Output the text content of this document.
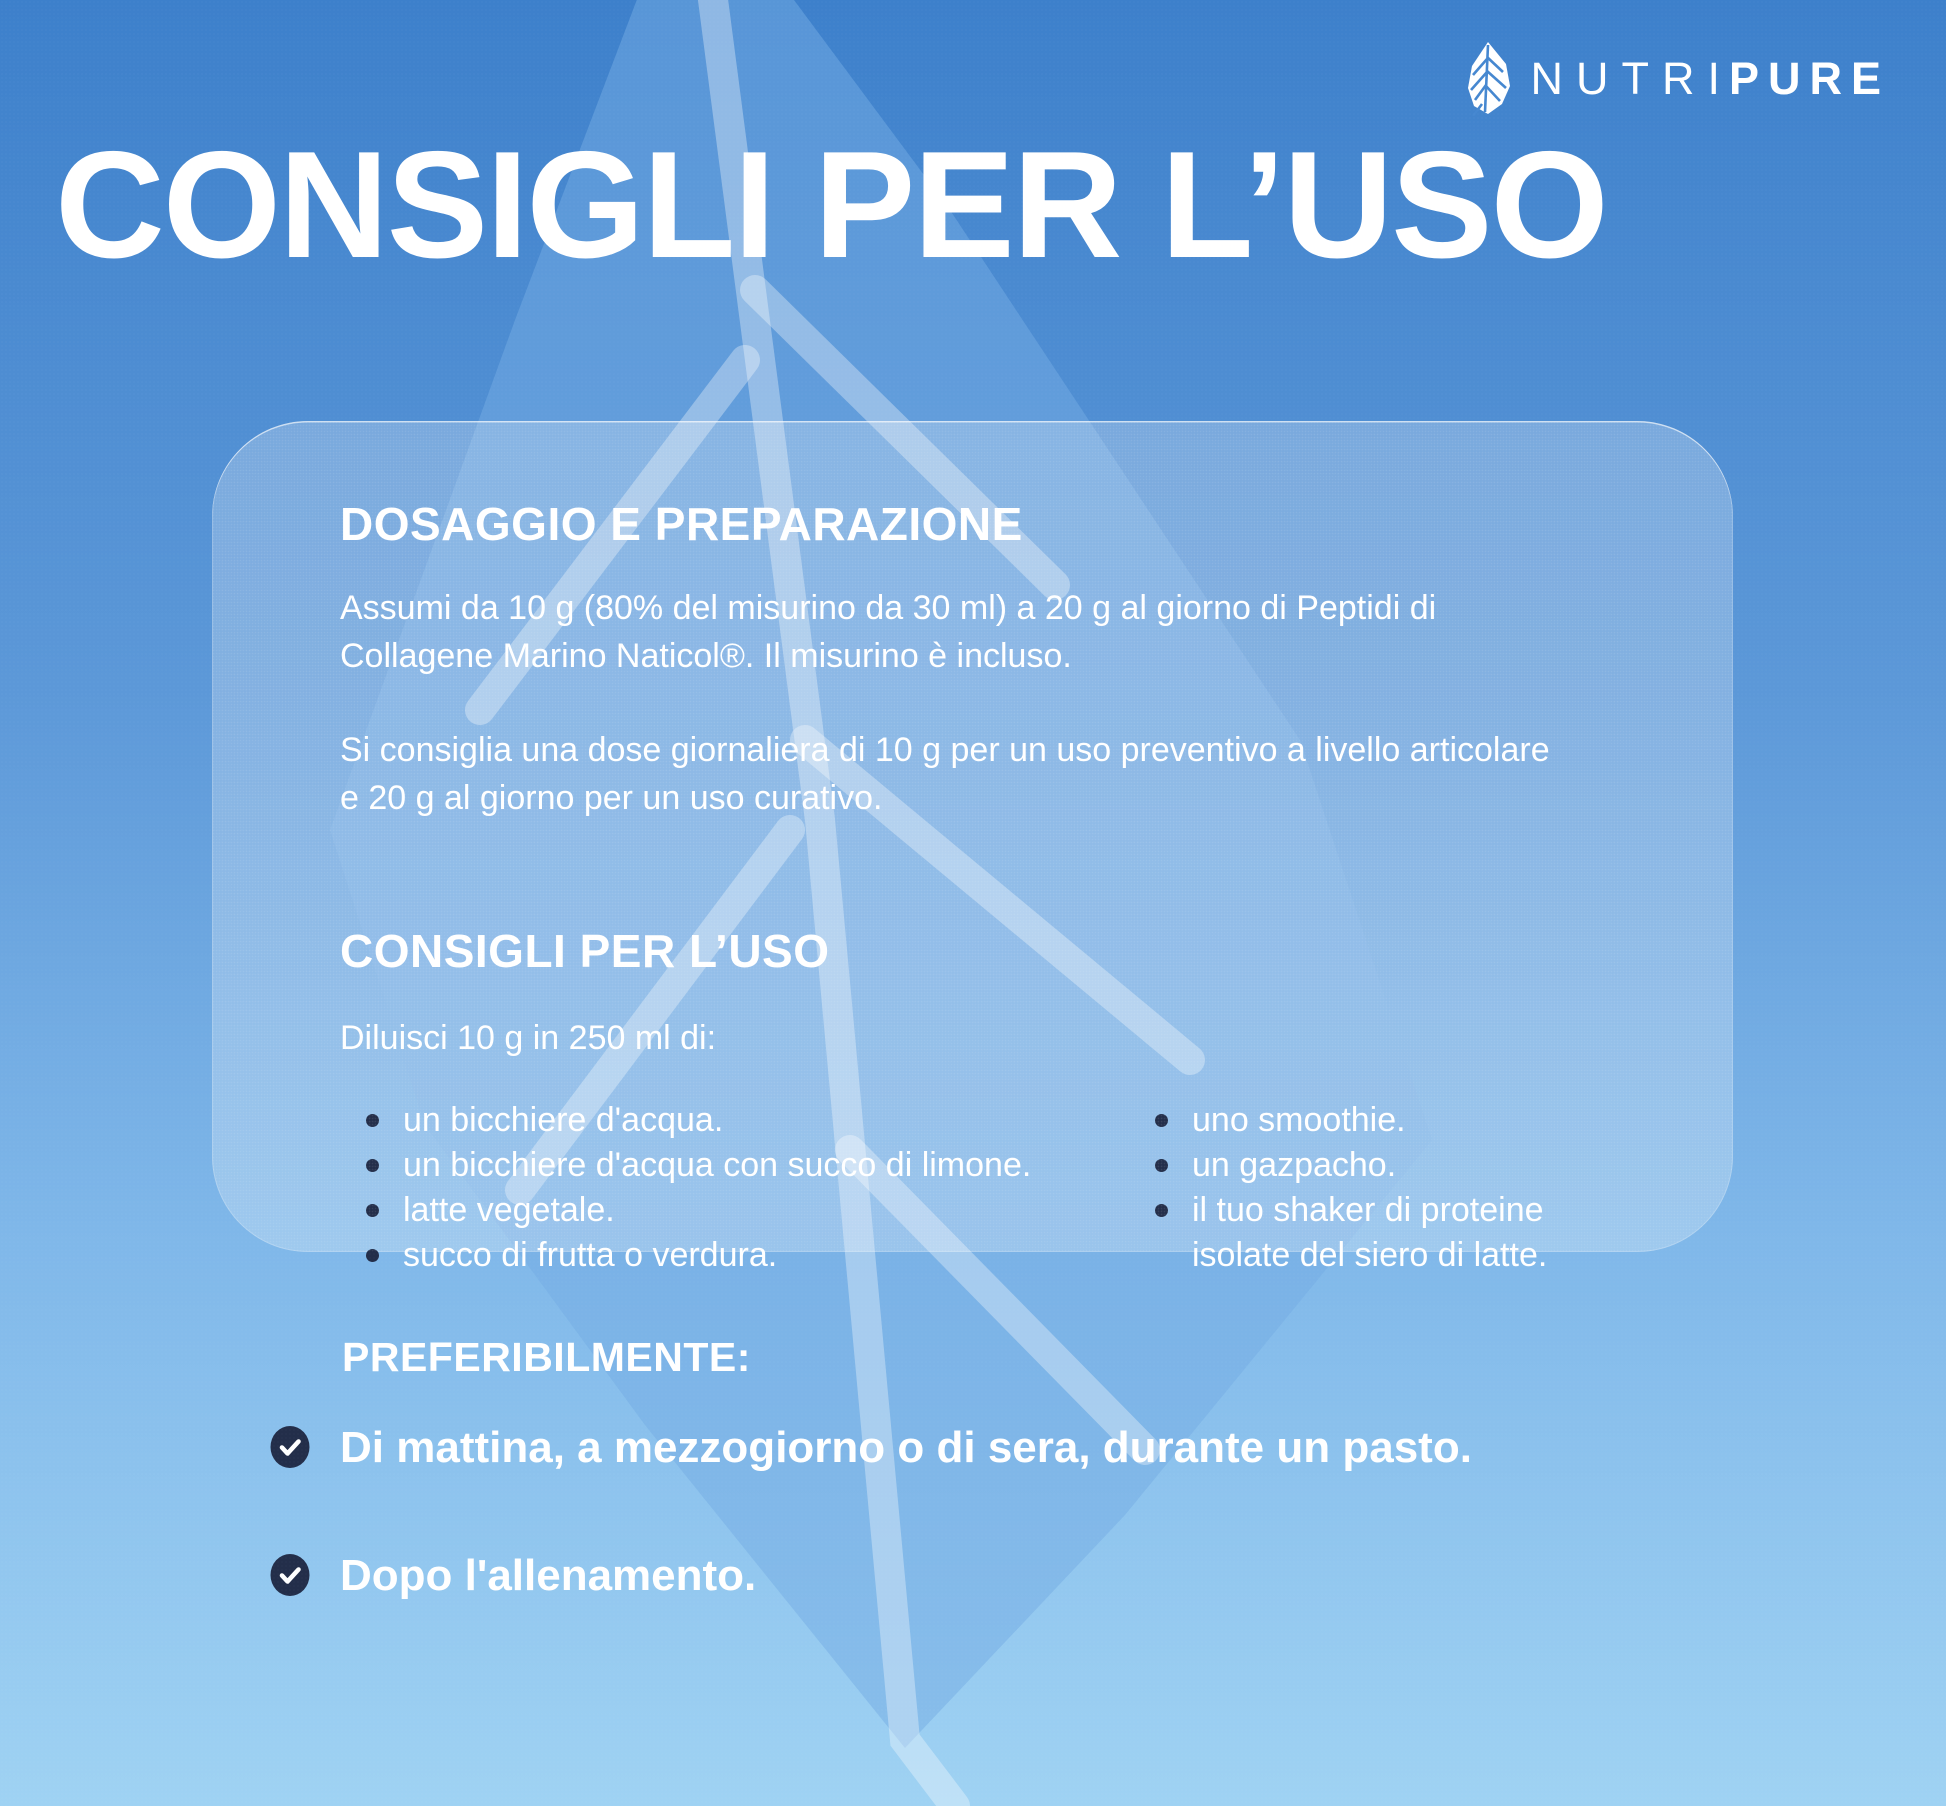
NUTRI
PURE
CONSIGLI PER L’USO
DOSAGGIO E PREPARAZIONE

Assumi da 10 g (80% del misurino da 30 ml) a 20 g al giorno di Peptidi di Collagene Marino Naticol®. Il misurino è incluso.

Si consiglia una dose giornaliera di 10 g per un uso preventivo a livello articolare e 20 g al giorno per un uso curativo.

CONSIGLI PER L’USO

Diluisci 10 g in 250 ml di:

un bicchiere d'acqua.
un bicchiere d'acqua con succo di limone.
latte vegetale.
succo di frutta o verdura.
uno smoothie.
un gazpacho.
il tuo shaker di proteine isolate del siero di latte.
PREFERIBILMENTE:
Di mattina, a mezzogiorno o di sera, durante un pasto.
Dopo l'allenamento.
